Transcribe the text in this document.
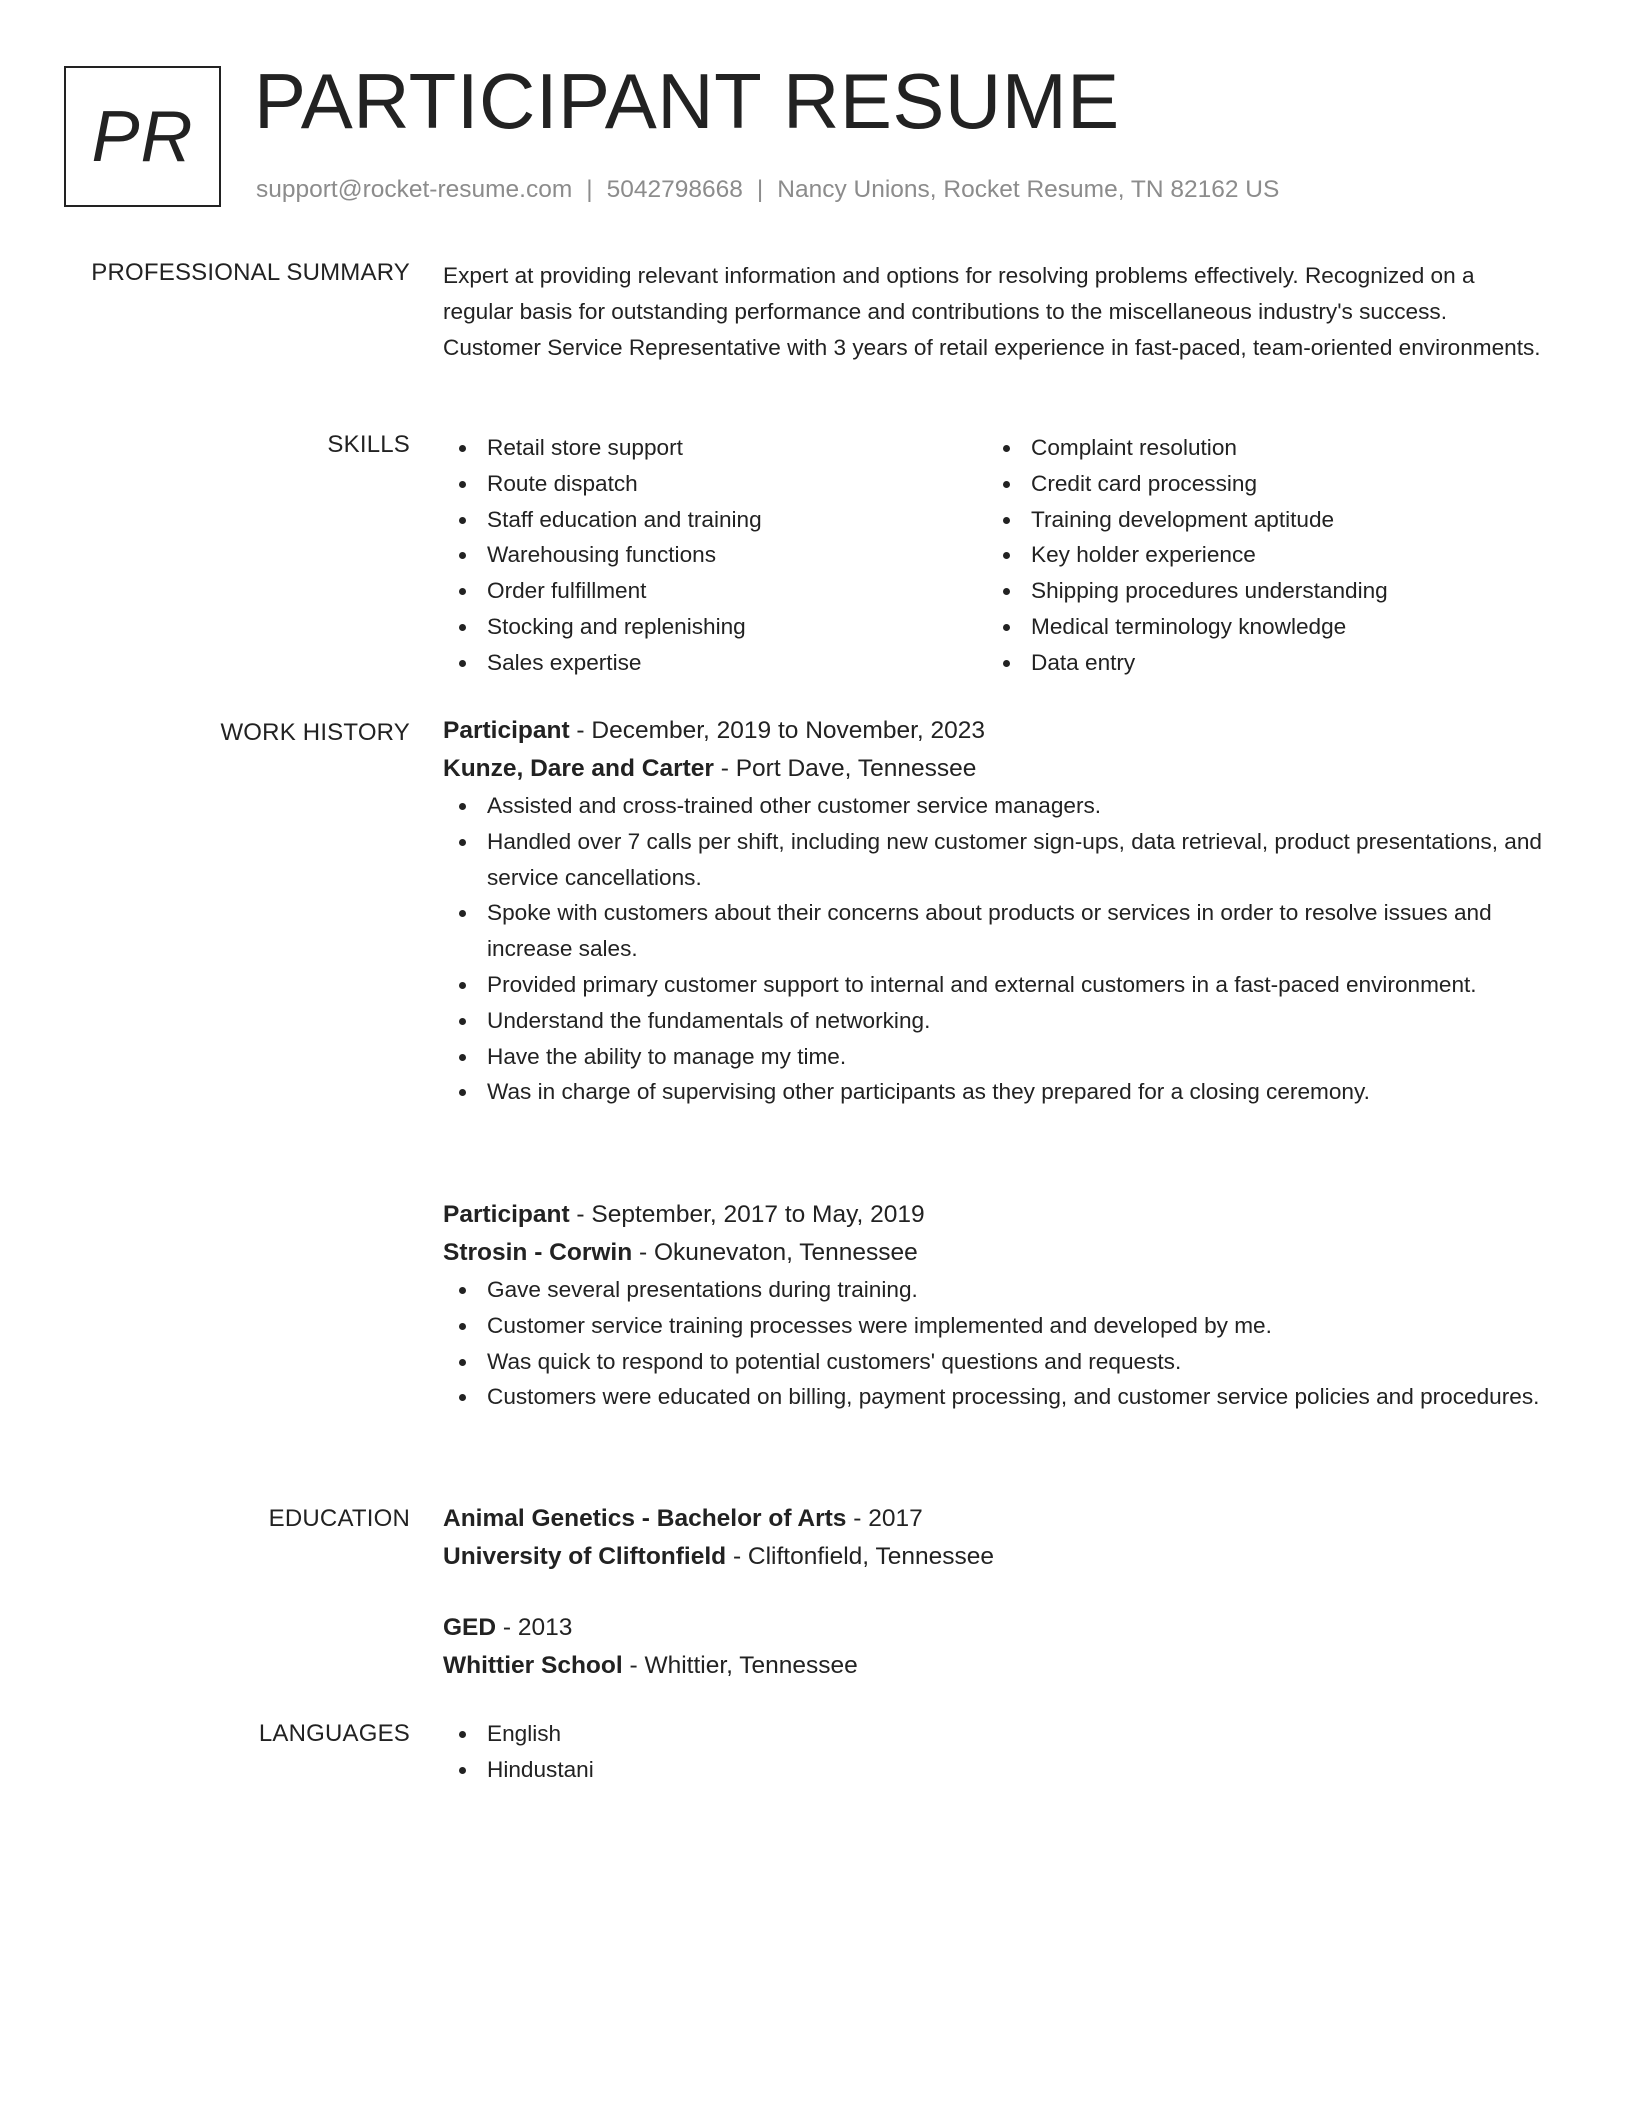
PR PARTICIPANT RESUME
support@rocket-resume.com | 5042798668 | Nancy Unions, Rocket Resume, TN 82162 US
PROFESSIONAL SUMMARY Expert at providing relevant information and options for resolving problems effectively. Recognized on a regular basis for outstanding performance and contributions to the miscellaneous industry's success. Customer Service Representative with 3 years of retail experience in fast-paced, team-oriented environments.
SKILLS	Retail store support
Route dispatch
Staff education and training
Warehousing functions
Order fulfillment
Stocking and replenishing
Sales expertise
Complaint resolution
Credit card processing
Training development aptitude
Key holder experience
Shipping procedures understanding
Medical terminology knowledge
Data entry
WORK HISTORY Participant - December, 2019 to November, 2023
Kunze, Dare and Carter - Port Dave, Tennessee
Assisted and cross-trained other customer service managers.
Handled over 7 calls per shift, including new customer sign-ups, data retrieval, product presentations, and service cancellations.
Spoke with customers about their concerns about products or services in order to resolve issues and increase sales.
Provided primary customer support to internal and external customers in a fast-paced environment.
Understand the fundamentals of networking.
Have the ability to manage my time.
Was in charge of supervising other participants as they prepared for a closing ceremony.
Participant - September, 2017 to May, 2019
Strosin - Corwin - Okunevaton, Tennessee
Gave several presentations during training.
Customer service training processes were implemented and developed by me.
Was quick to respond to potential customers' questions and requests.
Customers were educated on billing, payment processing, and customer service policies and procedures.
EDUCATION Animal Genetics - Bachelor of Arts - 2017
University of Cliftonfield - Cliftonfield, Tennessee
GED - 2013
Whittier School - Whittier, Tennessee
LANGUAGES	English
Hindustani
